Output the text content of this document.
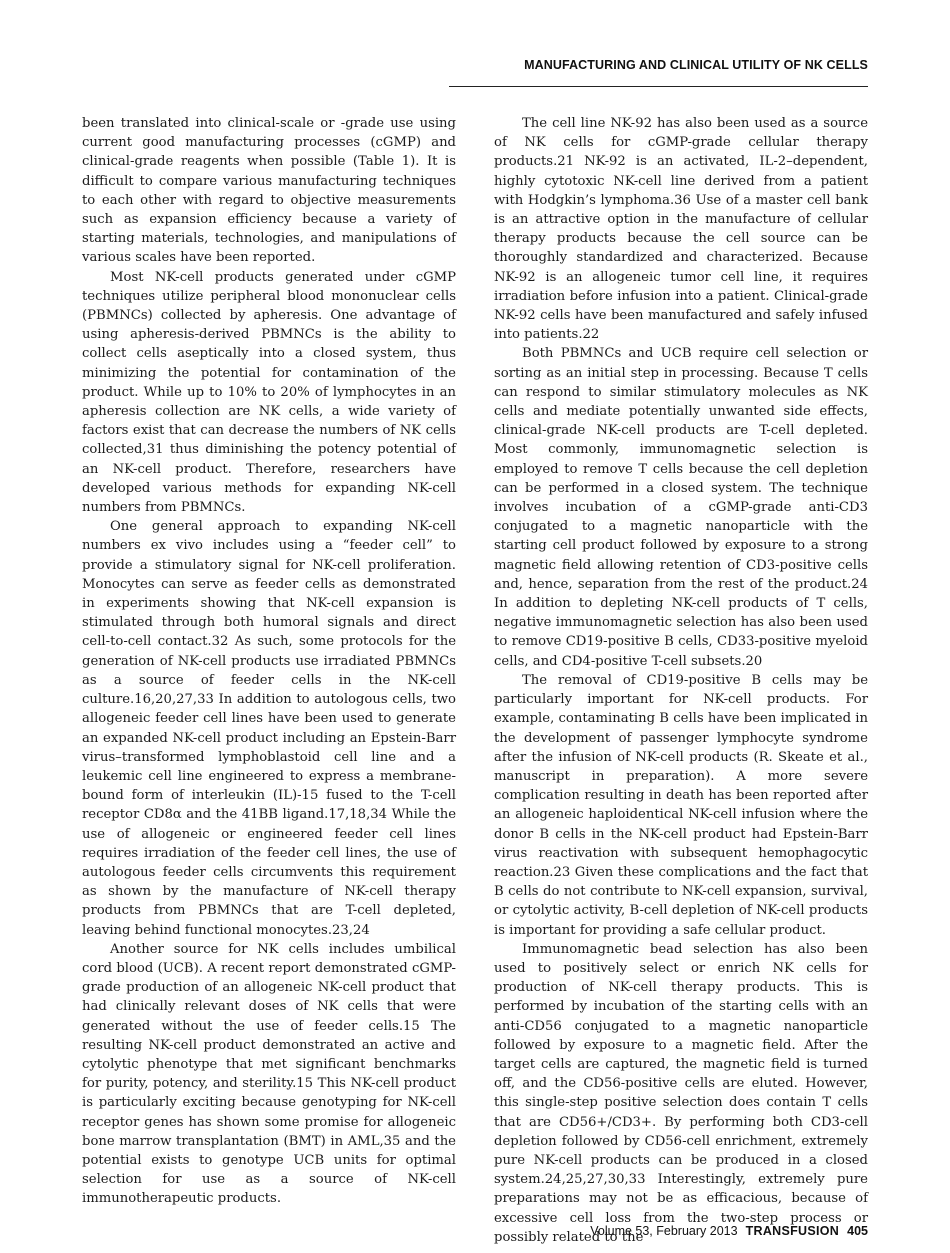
MANUFACTURING AND CLINICAL UTILITY OF NK CELLS

been translated into clinical-scale or -grade use using current good manufacturing processes (cGMP) and clinical-grade reagents when possible (Table 1). It is difficult to compare various manufacturing techniques to each other with regard to objective measurements such as expansion efficiency because a variety of starting materials, technologies, and manipulations of various scales have been reported.

Most NK-cell products generated under cGMP techniques utilize peripheral blood mononuclear cells (PBMNCs) collected by apheresis. One advantage of using apheresis-derived PBMNCs is the ability to collect cells aseptically into a closed system, thus minimizing the potential for contamination of the product. While up to 10% to 20% of lymphocytes in an apheresis collection are NK cells, a wide variety of factors exist that can decrease the numbers of NK cells collected,31 thus diminishing the potency potential of an NK-cell product. Therefore, researchers have developed various methods for expanding NK-cell numbers from PBMNCs.

One general approach to expanding NK-cell numbers ex vivo includes using a “feeder cell” to provide a stimulatory signal for NK-cell proliferation. Monocytes can serve as feeder cells as demonstrated in experiments showing that NK-cell expansion is stimulated through both humoral signals and direct cell-to-cell contact.32 As such, some protocols for the generation of NK-cell products use irradiated PBMNCs as a source of feeder cells in the NK-cell culture.16,20,27,33 In addition to autologous cells, two allogeneic feeder cell lines have been used to generate an expanded NK-cell product including an Epstein-Barr virus–transformed lymphoblastoid cell line and a leukemic cell line engineered to express a membrane-bound form of interleukin (IL)-15 fused to the T-cell receptor CD8α and the 41BB ligand.17,18,34 While the use of allogeneic or engineered feeder cell lines requires irradiation of the feeder cell lines, the use of autologous feeder cells circumvents this requirement as shown by the manufacture of NK-cell therapy products from PBMNCs that are T-cell depleted, leaving behind functional monocytes.23,24

Another source for NK cells includes umbilical cord blood (UCB). A recent report demonstrated cGMP-grade production of an allogeneic NK-cell product that had clinically relevant doses of NK cells that were generated without the use of feeder cells.15 The resulting NK-cell product demonstrated an active and cytolytic phenotype that met significant benchmarks for purity, potency, and sterility.15 This NK-cell product is particularly exciting because genotyping for NK-cell receptor genes has shown some promise for allogeneic bone marrow transplantation (BMT) in AML,35 and the potential exists to genotype UCB units for optimal selection for use as a source of NK-cell immunotherapeutic products.

The cell line NK-92 has also been used as a source of NK cells for cGMP-grade cellular therapy products.21 NK-92 is an activated, IL-2–dependent, highly cytotoxic NK-cell line derived from a patient with Hodgkin’s lymphoma.36 Use of a master cell bank is an attractive option in the manufacture of cellular therapy products because the cell source can be thoroughly standardized and characterized. Because NK-92 is an allogeneic tumor cell line, it requires irradiation before infusion into a patient. Clinical-grade NK-92 cells have been manufactured and safely infused into patients.22

Both PBMNCs and UCB require cell selection or sorting as an initial step in processing. Because T cells can respond to similar stimulatory molecules as NK cells and mediate potentially unwanted side effects, clinical-grade NK-cell products are T-cell depleted. Most commonly, immunomagnetic selection is employed to remove T cells because the cell depletion can be performed in a closed system. The technique involves incubation of a cGMP-grade anti-CD3 conjugated to a magnetic nanoparticle with the starting cell product followed by exposure to a strong magnetic field allowing retention of CD3-positive cells and, hence, separation from the rest of the product.24 In addition to depleting NK-cell products of T cells, negative immunomagnetic selection has also been used to remove CD19-positive B cells, CD33-positive myeloid cells, and CD4-positive T-cell subsets.20

The removal of CD19-positive B cells may be particularly important for NK-cell products. For example, contaminating B cells have been implicated in the development of passenger lymphocyte syndrome after the infusion of NK-cell products (R. Skeate et al., manuscript in preparation). A more severe complication resulting in death has been reported after an allogeneic haploidentical NK-cell infusion where the donor B cells in the NK-cell product had Epstein-Barr virus reactivation with subsequent hemophagocytic reaction.23 Given these complications and the fact that B cells do not contribute to NK-cell expansion, survival, or cytolytic activity, B-cell depletion of NK-cell products is important for providing a safe cellular product.

Immunomagnetic bead selection has also been used to positively select or enrich NK cells for production of NK-cell therapy products. This is performed by incubation of the starting cells with an anti-CD56 conjugated to a magnetic nanoparticle followed by exposure to a magnetic field. After the target cells are captured, the magnetic field is turned off, and the CD56-positive cells are eluted. However, this single-step positive selection does contain T cells that are CD56+/CD3+. By performing both CD3-cell depletion followed by CD56-cell enrichment, extremely pure NK-cell products can be produced in a closed system.24,25,27,30,33 Interestingly, extremely pure preparations may not be as efficacious, because of excessive cell loss from the two-step process or possibly related to the

Volume 53, February 2013 TRANSFUSION 405
